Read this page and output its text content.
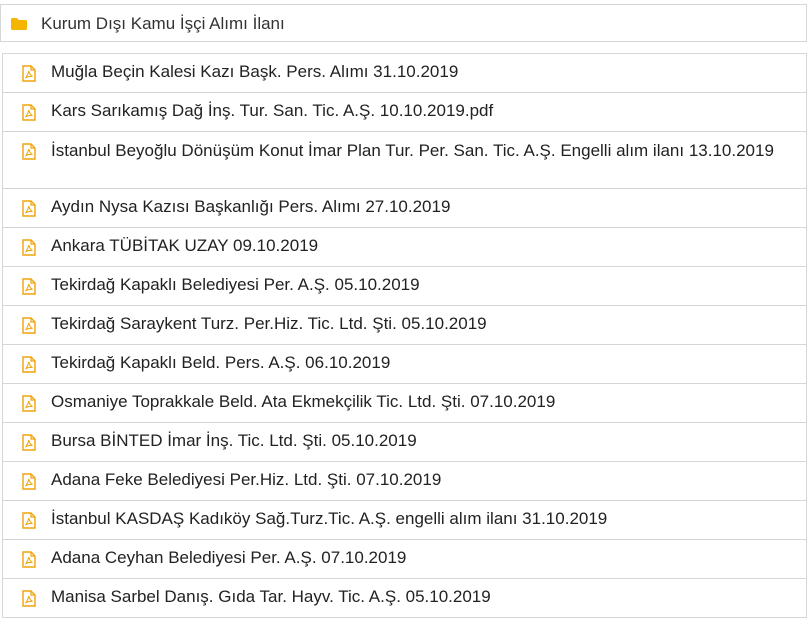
Kurum Dışı Kamu İşçi Alımı İlanı
Muğla Beçin Kalesi Kazı Başk. Pers. Alımı 31.10.2019
Kars Sarıkamış Dağ İnş. Tur. San. Tic. A.Ş. 10.10.2019.pdf
İstanbul Beyoğlu Dönüşüm Konut İmar Plan Tur. Per. San. Tic. A.Ş. Engelli alım ilanı 13.10.2019
Aydın Nysa Kazısı Başkanlığı Pers. Alımı 27.10.2019
Ankara TÜBİTAK UZAY 09.10.2019
Tekirdağ Kapaklı Belediyesi Per. A.Ş. 05.10.2019
Tekirdağ Saraykent Turz. Per.Hiz. Tic. Ltd. Şti. 05.10.2019
Tekirdağ Kapaklı Beld. Pers. A.Ş. 06.10.2019
Osmaniye Toprakkale Beld. Ata Ekmekçilik Tic. Ltd. Şti. 07.10.2019
Bursa BİNTED İmar İnş. Tic. Ltd. Şti. 05.10.2019
Adana Feke Belediyesi Per.Hiz. Ltd. Şti. 07.10.2019
İstanbul KASDAŞ Kadıköy Sağ.Turz.Tic. A.Ş. engelli alım ilanı 31.10.2019
Adana Ceyhan Belediyesi Per. A.Ş. 07.10.2019
Manisa Sarbel Danış. Gıda Tar. Hayv. Tic. A.Ş. 05.10.2019
